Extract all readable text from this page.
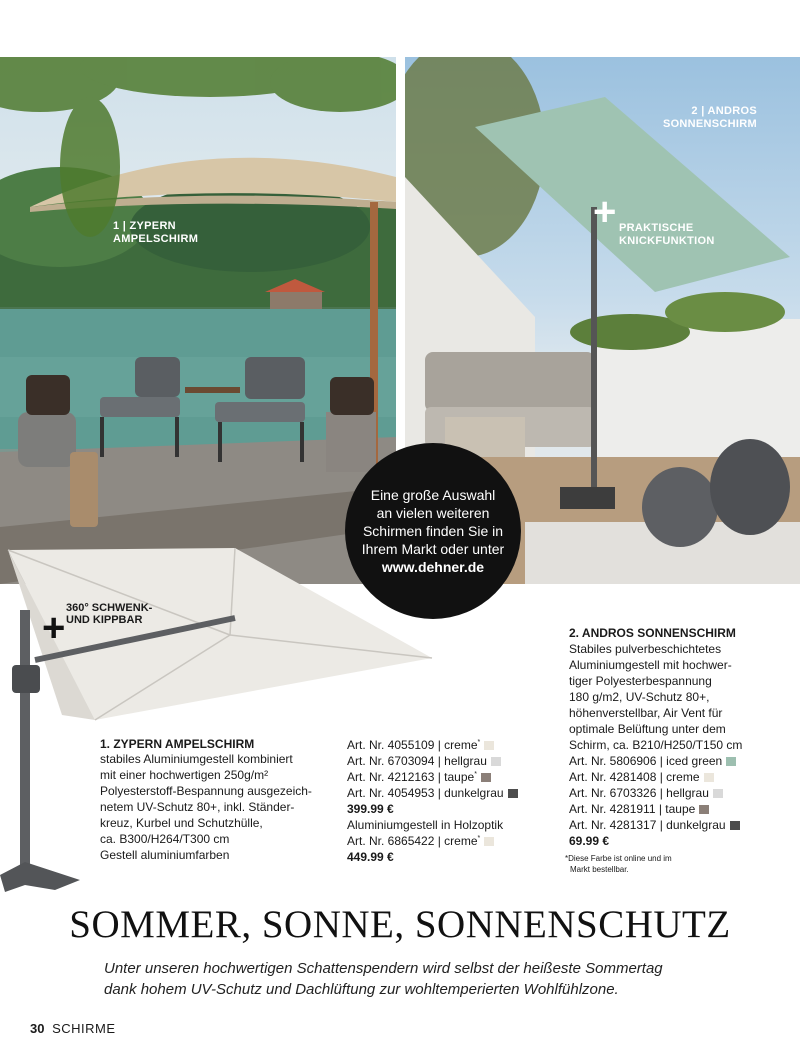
1 | ZYPERN
AMPELSCHIRM
2 | ANDROS
SONNENSCHIRM
+ PRAKTISCHE
KNICKFUNKTION
+ 360° SCHWENK-
UND KIPPBAR
Eine große Auswahl
an vielen weiteren
Schirmen finden Sie in
Ihrem Markt oder unter
www.dehner.de
1. ZYPERN AMPELSCHIRM
stabiles Aluminiumgestell kombiniert
mit einer hochwertigen 250g/m²
Polyesterstoff-Bespannung ausgezeich-
netem UV-Schutz 80+, inkl. Ständer-
kreuz, Kurbel und Schutzhülle,
ca. B300/H264/T300 cm
Gestell aluminiumfarben
Art. Nr. 4055109 | creme*
Art. Nr. 6703094 | hellgrau
Art. Nr. 4212163 | taupe*
Art. Nr. 4054953 | dunkelgrau
399.99 €
Aluminiumgestell in Holzoptik
Art. Nr. 6865422 | creme*
449.99 €
2. ANDROS SONNENSCHIRM
Stabiles pulverbeschichtetes
Aluminiumgestell mit hochwer-
tiger Polyesterbespannung
180 g/m2, UV-Schutz 80+,
höhenverstellbar, Air Vent für
optimale Belüftung unter dem
Schirm, ca. B210/H250/T150 cm
Art. Nr. 5806906 | iced green
Art. Nr. 4281408 | creme
Art. Nr. 6703326 | hellgrau
Art. Nr. 4281911 | taupe
Art. Nr. 4281317 | dunkelgrau
69.99 €
*Diese Farbe ist online und im
Markt bestellbar.
SOMMER, SONNE, SONNENSCHUTZ
Unter unseren hochwertigen Schattenspendern wird selbst der heißeste Sommertag
dank hohem UV-Schutz und Dachlüftung zur wohltemperierten Wohlfühlzone.
30 SCHIRME
